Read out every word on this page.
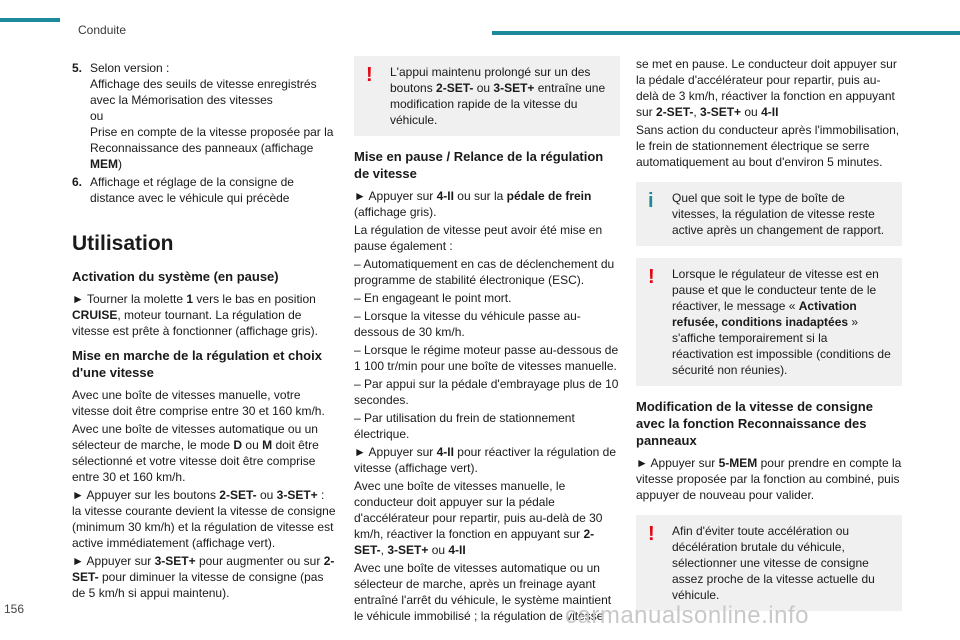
Conduite
5. Selon version :
Affichage des seuils de vitesse enregistrés avec la Mémorisation des vitesses
ou
Prise en compte de la vitesse proposée par la Reconnaissance des panneaux (affichage MEM)
6. Affichage et réglage de la consigne de distance avec le véhicule qui précède
Utilisation
Activation du système (en pause)

► Tourner la molette 1 vers le bas en position CRUISE, moteur tournant. La régulation de vitesse est prête à fonctionner (affichage gris).

Mise en marche de la régulation et choix d'une vitesse

Avec une boîte de vitesses manuelle, votre vitesse doit être comprise entre 30 et 160 km/h.

Avec une boîte de vitesses automatique ou un sélecteur de marche, le mode D ou M doit être sélectionné et votre vitesse doit être comprise entre 30 et 160 km/h.

► Appuyer sur les boutons 2-SET- ou 3-SET+ : la vitesse courante devient la vitesse de consigne (minimum 30 km/h) et la régulation de vitesse est active immédiatement (affichage vert).

► Appuyer sur 3-SET+ pour augmenter ou sur 2-SET- pour diminuer la vitesse de consigne (pas de 5 km/h si appui maintenu).

!	L'appui maintenu prolongé sur un des boutons 2-SET- ou 3-SET+ entraîne une modification rapide de la vitesse du véhicule.
Mise en pause / Relance de la régulation de vitesse

► Appuyer sur 4-II ou sur la pédale de frein (affichage gris).

La régulation de vitesse peut avoir été mise en pause également :

– Automatiquement en cas de déclenchement du programme de stabilité électronique (ESC).

– En engageant le point mort.

– Lorsque la vitesse du véhicule passe au-dessous de 30 km/h.

– Lorsque le régime moteur passe au-dessous de 1 100 tr/min pour une boîte de vitesses manuelle.

– Par appui sur la pédale d'embrayage plus de 10 secondes.

– Par utilisation du frein de stationnement électrique.

► Appuyer sur 4-II pour réactiver la régulation de vitesse (affichage vert).

Avec une boîte de vitesses manuelle, le conducteur doit appuyer sur la pédale d'accélérateur pour repartir, puis au-delà de 30 km/h, réactiver la fonction en appuyant sur 2-SET-, 3-SET+ ou 4-II

Avec une boîte de vitesses automatique ou un sélecteur de marche, après un freinage ayant entraîné l'arrêt du véhicule, le système maintient le véhicule immobilisé ; la régulation de vitesse

se met en pause. Le conducteur doit appuyer sur la pédale d'accélérateur pour repartir, puis au-delà de 3 km/h, réactiver la fonction en appuyant sur 2-SET-, 3-SET+ ou 4-II

Sans action du conducteur après l'immobilisation, le frein de stationnement électrique se serre automatiquement au bout d'environ 5 minutes.

i	Quel que soit le type de boîte de vitesses, la régulation de vitesse reste active après un changement de rapport.
!	Lorsque le régulateur de vitesse est en pause et que le conducteur tente de le réactiver, le message « Activation refusée, conditions inadaptées » s'affiche temporairement si la réactivation est impossible (conditions de sécurité non réunies).
Modification de la vitesse de consigne avec la fonction Reconnaissance des panneaux

► Appuyer sur 5-MEM pour prendre en compte la vitesse proposée par la fonction au combiné, puis appuyer de nouveau pour valider.

!	Afin d'éviter toute accélération ou décélération brutale du véhicule, sélectionner une vitesse de consigne assez proche de la vitesse actuelle du véhicule.
156	carmanualsonline.info
